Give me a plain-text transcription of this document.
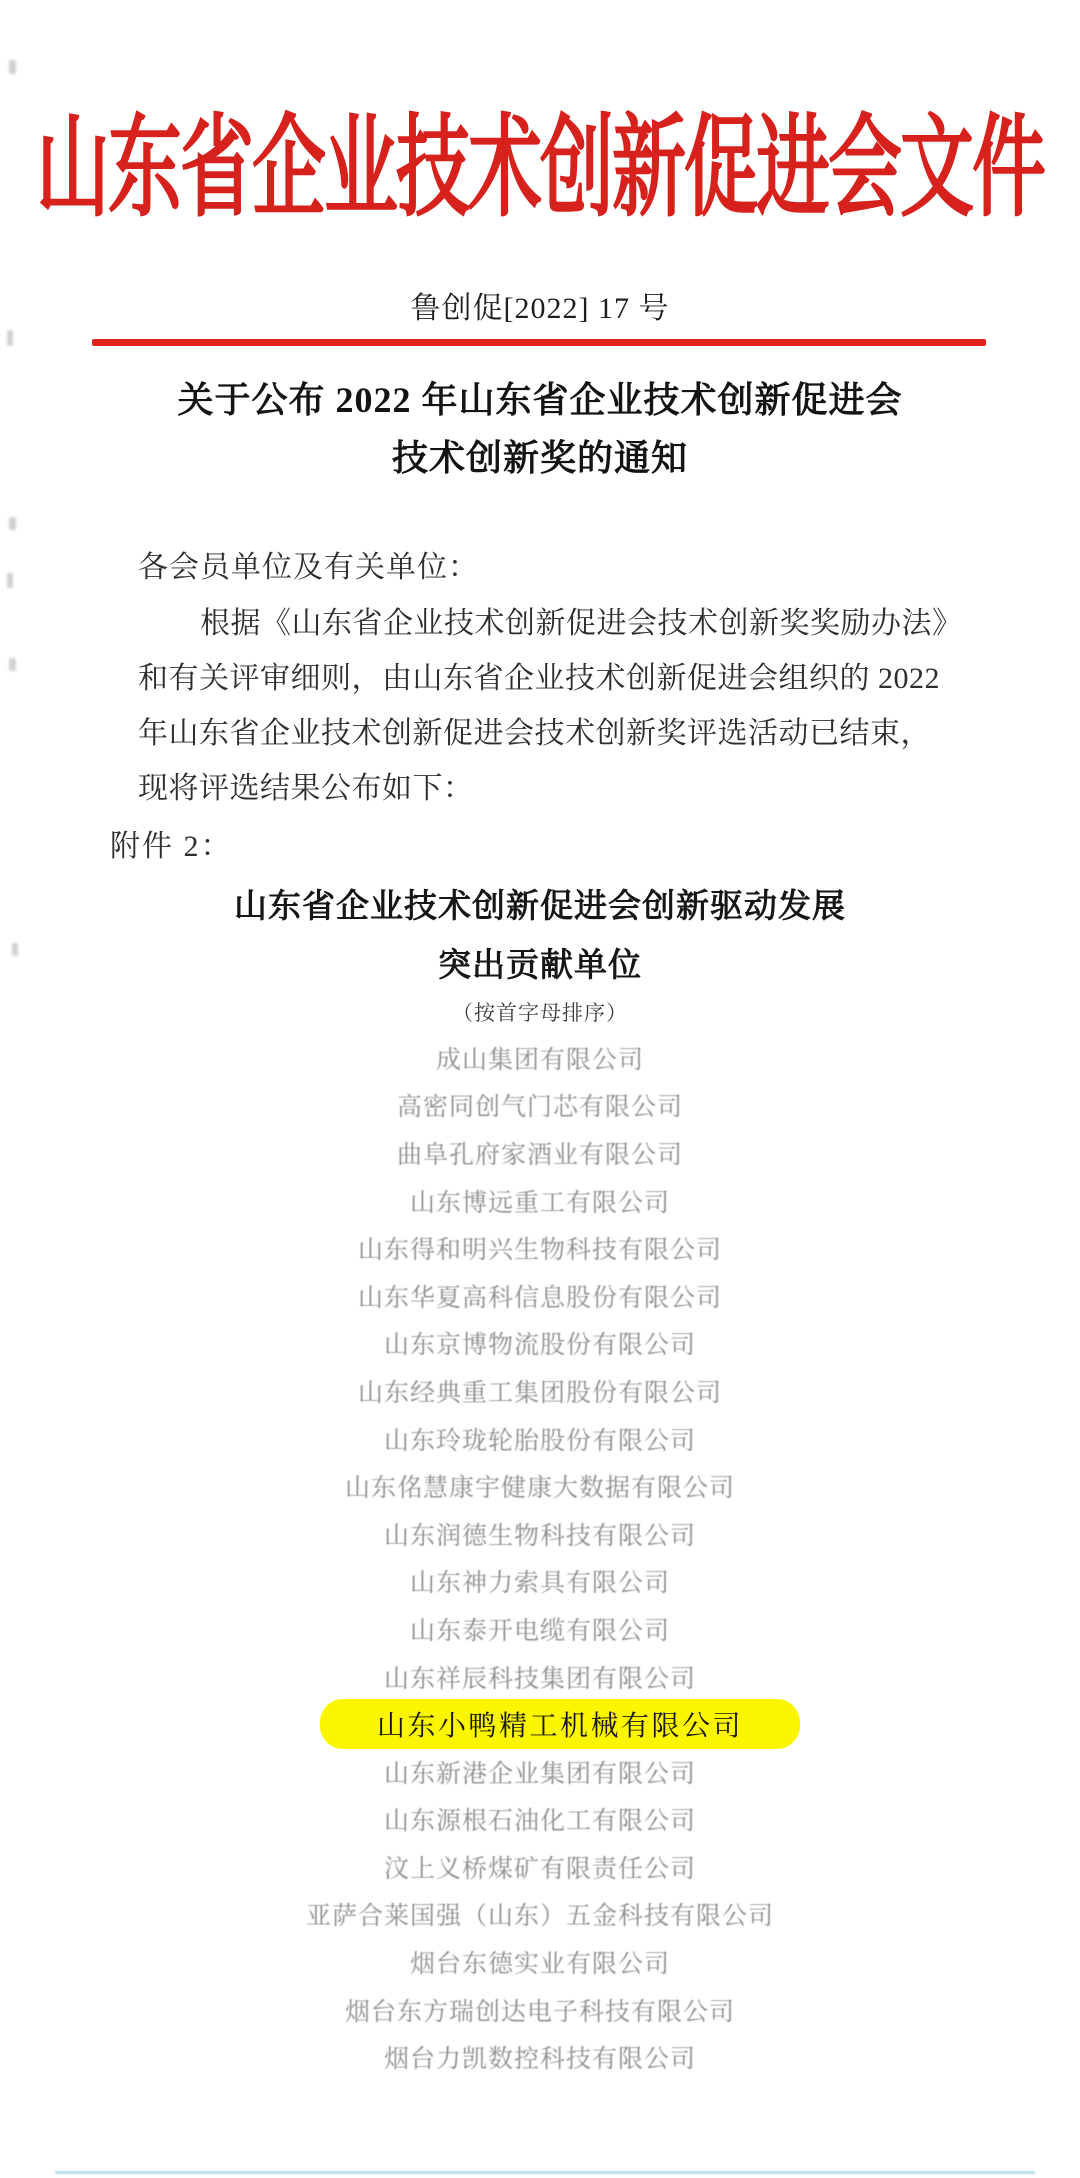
山东省企业技术创新促进会文件
鲁创促[2022] 17 号
关于公布 2022 年山东省企业技术创新促进会
技术创新奖的通知
各会员单位及有关单位：
根据《山东省企业技术创新促进会技术创新奖奖励办法》
和有关评审细则，由山东省企业技术创新促进会组织的 2022
年山东省企业技术创新促进会技术创新奖评选活动已结束，
现将评选结果公布如下：
附件 2：
山东省企业技术创新促进会创新驱动发展
突出贡献单位
（按首字母排序）
成山集团有限公司
高密同创气门芯有限公司
曲阜孔府家酒业有限公司
山东博远重工有限公司
山东得和明兴生物科技有限公司
山东华夏高科信息股份有限公司
山东京博物流股份有限公司
山东经典重工集团股份有限公司
山东玲珑轮胎股份有限公司
山东佲慧康宇健康大数据有限公司
山东润德生物科技有限公司
山东神力索具有限公司
山东泰开电缆有限公司
山东祥辰科技集团有限公司
山东小鸭精工机械有限公司
山东新港企业集团有限公司
山东源根石油化工有限公司
汶上义桥煤矿有限责任公司
亚萨合莱国强（山东）五金科技有限公司
烟台东德实业有限公司
烟台东方瑞创达电子科技有限公司
烟台力凯数控科技有限公司
